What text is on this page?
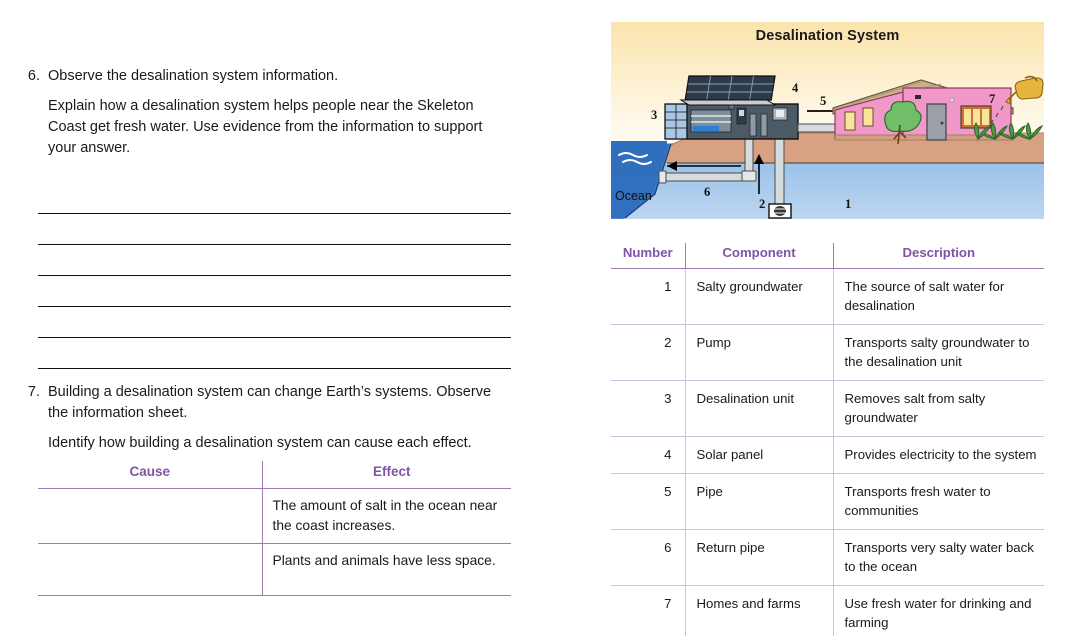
6. Observe the desalination system information.
Explain how a desalination system helps people near the Skeleton
Coast get fresh water. Use evidence from the information to support
your answer.
7. Building a desalination system can change Earth’s systems. Observe
the information sheet.
Identify how building a desalination system can cause each effect.
Cause	Effect
	The amount of salt in the ocean near the coast increases.
	Plants and animals have less space.
Desalination System
Ocean
1
2
3
4
5
6
7
Number	Component	Description
1	Salty groundwater	The source of salt water for desalination
2	Pump	Transports salty groundwater to the desalination unit
3	Desalination unit	Removes salt from salty groundwater
4	Solar panel	Provides electricity to the system
5	Pipe	Transports fresh water to communities
6	Return pipe	Transports very salty water back to the ocean
7	Homes and farms	Use fresh water for drinking and farming
